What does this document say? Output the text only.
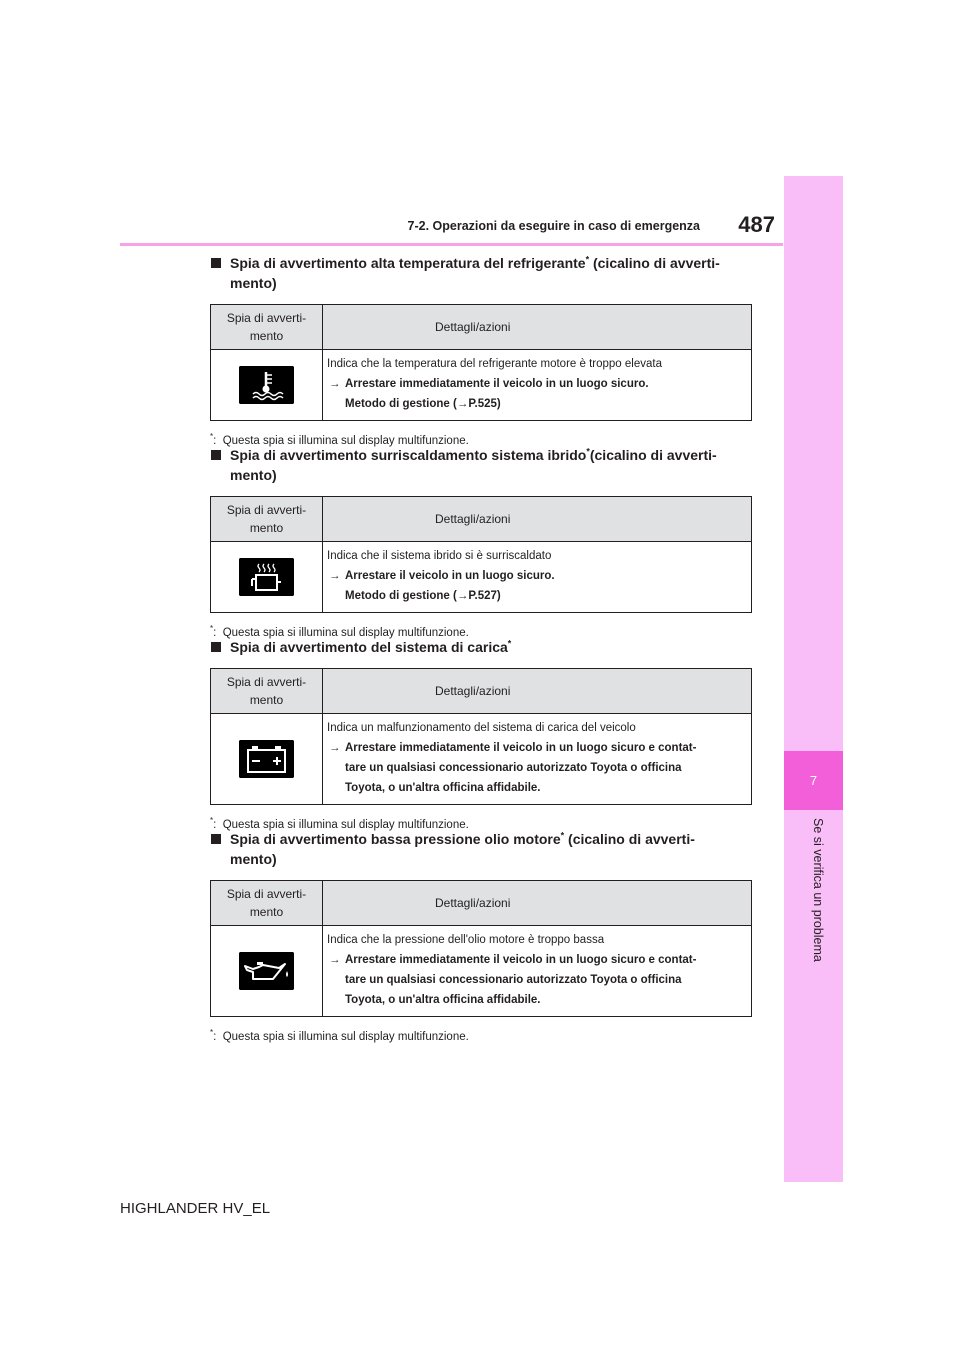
7
Se si verifica un problema
7-2. Operazioni da eseguire in caso di emergenza	487
Spia di avvertimento alta temperatura del refrigerante* (cicalino di avverti-
mento)
Spia di avverti-
mento	Dettagli/azioni

Indica che la temperatura del refrigerante motore è troppo elevata
→ Arrestare immediatamente il veicolo in un luogo sicuro.
Metodo di gestione (→P.525)
*:  Questa spia si illumina sul display multifunzione.
Spia di avvertimento surriscaldamento sistema ibrido*(cicalino di avverti-
mento)
Spia di avverti-
mento	Dettagli/azioni

Indica che il sistema ibrido si è surriscaldato
→ Arrestare il veicolo in un luogo sicuro.
Metodo di gestione (→P.527)
*:  Questa spia si illumina sul display multifunzione.
Spia di avvertimento del sistema di carica*
Spia di avverti-
mento	Dettagli/azioni

Indica un malfunzionamento del sistema di carica del veicolo
→ Arrestare immediatamente il veicolo in un luogo sicuro e contat-
tare un qualsiasi concessionario autorizzato Toyota o officina
Toyota, o un'altra officina affidabile.
*:  Questa spia si illumina sul display multifunzione.
Spia di avvertimento bassa pressione olio motore* (cicalino di avverti-
mento)
Spia di avverti-
mento	Dettagli/azioni

Indica che la pressione dell'olio motore è troppo bassa
→ Arrestare immediatamente il veicolo in un luogo sicuro e contat-
tare un qualsiasi concessionario autorizzato Toyota o officina
Toyota, o un'altra officina affidabile.
*:  Questa spia si illumina sul display multifunzione.
HIGHLANDER HV_EL
